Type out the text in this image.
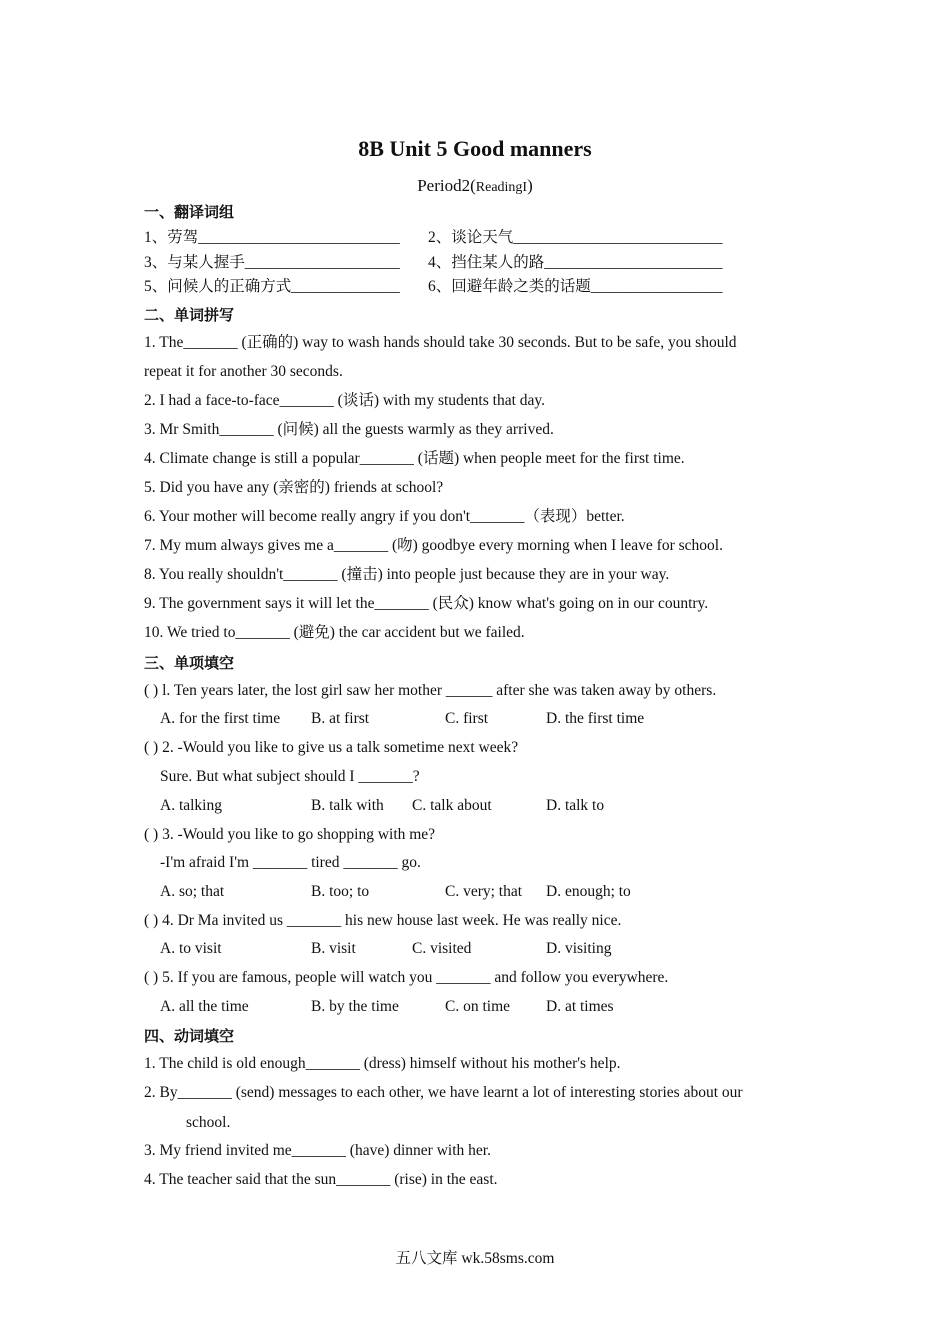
8B Unit 5 Good manners
Period2(ReadingI)
一、翻译词组
1、劳驾__________________________ 2、谈论天气___________________________
3、与某人握手____________________ 4、挡住某人的路_______________________
5、问候人的正确方式______________ 6、回避年龄之类的话题_________________
二、单词拼写
1. The_______ (正确的) way to wash hands should take 30 seconds. But to be safe, you should
repeat it for another 30 seconds.
2. I had a face-to-face_______ (谈话) with my students that day.
3. Mr Smith_______ (问候) all the guests warmly as they arrived.
4. Climate change is still a popular_______ (话题) when people meet for the first time.
5. Did you have any (亲密的) friends at school?
6. Your mother will become really angry if you don't_______（表现）better.
7. My mum always gives me a_______ (吻) goodbye every morning when I leave for school.
8. You really shouldn't_______ (撞击) into people just because they are in your way.
9. The government says it will let the_______ (民众) know what's going on in our country.
10. We tried to_______ (避免) the car accident but we failed.
三、单项填空
( ) l. Ten years later, the lost girl saw her mother ______ after she was taken away by others.
A. for the first time B. at first	C. first	D. the first time
( ) 2. -Would you like to give us a talk sometime next week?
Sure. But what subject should I _______?
A. talking	B. talk with C. talk about	D. talk to
( ) 3. -Would you like to go shopping with me?
-I'm afraid I'm _______ tired _______ go.
A. so; that	B. too; to	C. very; that D. enough; to
( ) 4. Dr Ma invited us _______ his new house last week. He was really nice.
A. to visit	B. visit	C. visited	D. visiting
( ) 5. If you are famous, people will watch you _______ and follow you everywhere.
A. all the time	B. by the time	C. on time D. at times
四、动词填空
1. The child is old enough_______ (dress) himself without his mother's help.
2. By_______ (send) messages to each other, we have learnt a lot of interesting stories about our
school.
3. My friend invited me_______ (have) dinner with her.
4. The teacher said that the sun_______ (rise) in the east.
五八文库 wk.58sms.com
